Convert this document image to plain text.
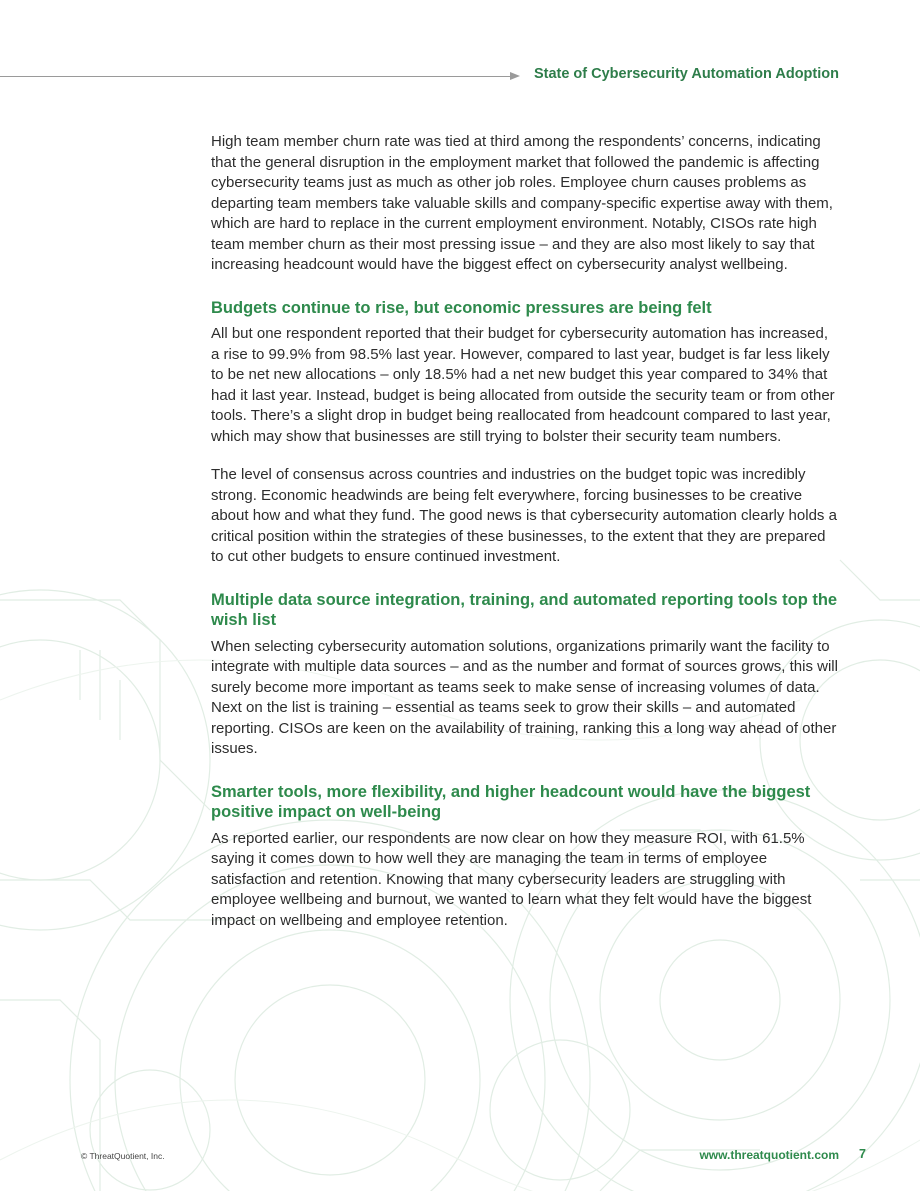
State of Cybersecurity Automation Adoption

High team member churn rate was tied at third among the respondents’ concerns, indicating that the general disruption in the employment market that followed the pandemic is affecting cybersecurity teams just as much as other job roles. Employee churn causes problems as departing team members take valuable skills and company-specific expertise away with them, which are hard to replace in the current employment environment. Notably, CISOs rate high team member churn as their most pressing issue – and they are also most likely to say that increasing headcount would have the biggest effect on cybersecurity analyst wellbeing.

Budgets continue to rise, but economic pressures are being felt

All but one respondent reported that their budget for cybersecurity automation has increased, a rise to 99.9% from 98.5% last year. However, compared to last year, budget is far less likely to be net new allocations – only 18.5% had a net new budget this year compared to 34% that had it last year. Instead, budget is being allocated from outside the security team or from other tools. There’s a slight drop in budget being reallocated from headcount compared to last year, which may show that businesses are still trying to bolster their security team numbers.

The level of consensus across countries and industries on the budget topic was incredibly strong. Economic headwinds are being felt everywhere, forcing businesses to be creative about how and what they fund. The good news is that cybersecurity automation clearly holds a critical position within the strategies of these businesses, to the extent that they are prepared to cut other budgets to ensure continued investment.

Multiple data source integration, training, and automated reporting tools top the wish list

When selecting cybersecurity automation solutions, organizations primarily want the facility to integrate with multiple data sources – and as the number and format of sources grows, this will surely become more important as teams seek to make sense of increasing volumes of data. Next on the list is training – essential as teams seek to grow their skills – and automated reporting. CISOs are keen on the availability of training, ranking this a long way ahead of other issues.

Smarter tools, more flexibility, and higher headcount would have the biggest positive impact on well-being

As reported earlier, our respondents are now clear on how they measure ROI, with 61.5% saying it comes down to how well they are managing the team in terms of employee satisfaction and retention. Knowing that many cybersecurity leaders are struggling with employee wellbeing and burnout, we wanted to learn what they felt would have the biggest impact on wellbeing and employee retention.

© ThreatQuotient, Inc.	www.threatquotient.com 7
